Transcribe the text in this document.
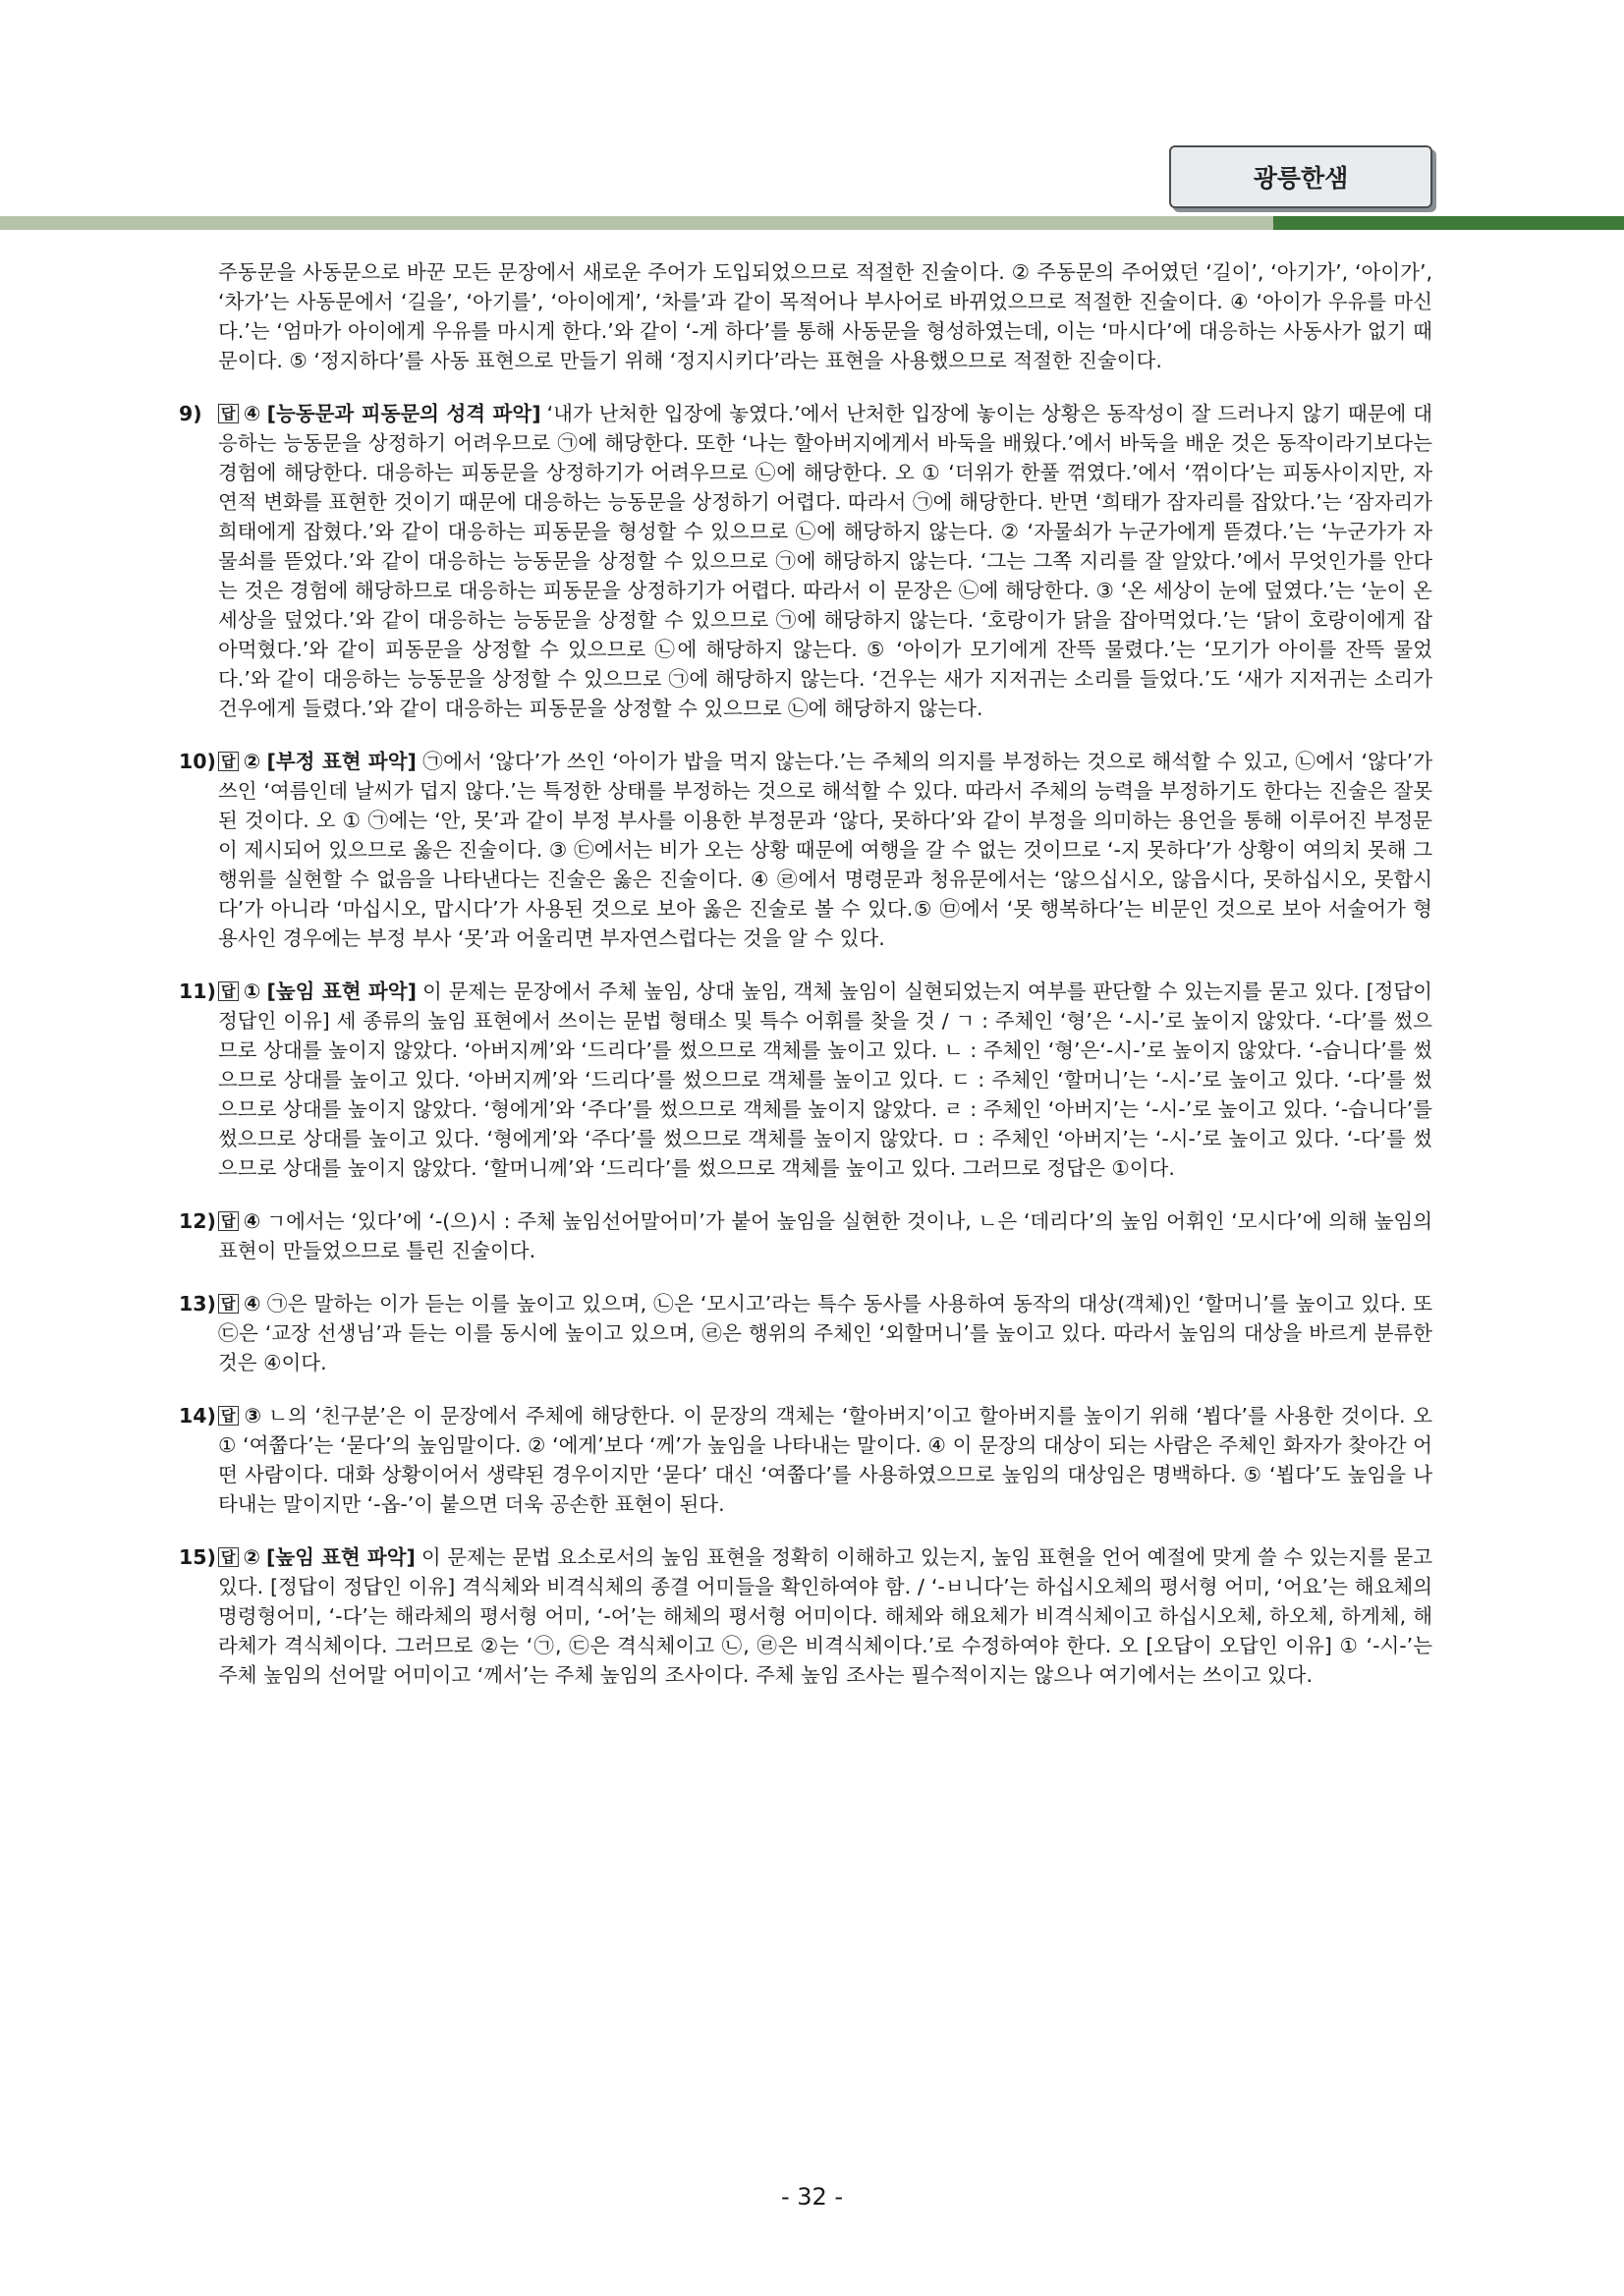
광릉한샘
주동문을 사동문으로 바꾼 모든 문장에서 새로운 주어가 도입되었으므로 적절한 진술이다. ② 주동문의 주어였던 ‘길이’, ‘아기가’, ‘아이가’, ‘차가’는 사동문에서 ‘길을’, ‘아기를’, ‘아이에게’, ‘차를’과 같이 목적어나 부사어로 바뀌었으므로 적절한 진술이다. ④ ‘아이가 우유를 마신다.’는 ‘엄마가 아이에게 우유를 마시게 한다.’와 같이 ‘-게 하다’를 통해 사동문을 형성하였는데, 이는 ‘마시다’에 대응하는 사동사가 없기 때문이다. ⑤ ‘정지하다’를 사동 표현으로 만들기 위해 ‘정지시키다’라는 표현을 사용했으므로 적절한 진술이다.
9) 답 ④ [능동문과 피동문의 성격 파악] ‘내가 난처한 입장에 놓였다.’에서 난처한 입장에 놓이는 상황은 동작성이 잘 드러나지 않기 때문에 대응하는 능동문을 상정하기 어려우므로 ㉠에 해당한다. 또한 ‘나는 할아버지에게서 바둑을 배웠다.’에서 바둑을 배운 것은 동작이라기보다는 경험에 해당한다. 대응하는 피동문을 상정하기가 어려우므로 ㉡에 해당한다. 오 ① ‘더위가 한풀 꺾였다.’에서 ‘꺾이다’는 피동사이지만, 자연적 변화를 표현한 것이기 때문에 대응하는 능동문을 상정하기 어렵다. 따라서 ㉠에 해당한다. 반면 ‘희태가 잠자리를 잡았다.’는 ‘잠자리가 희태에게 잡혔다.’와 같이 대응하는 피동문을 형성할 수 있으므로 ㉡에 해당하지 않는다. ② ‘자물쇠가 누군가에게 뜯겼다.’는 ‘누군가가 자물쇠를 뜯었다.’와 같이 대응하는 능동문을 상정할 수 있으므로 ㉠에 해당하지 않는다. ‘그는 그쪽 지리를 잘 알았다.’에서 무엇인가를 안다는 것은 경험에 해당하므로 대응하는 피동문을 상정하기가 어렵다. 따라서 이 문장은 ㉡에 해당한다. ③ ‘온 세상이 눈에 덮였다.’는 ‘눈이 온 세상을 덮었다.’와 같이 대응하는 능동문을 상정할 수 있으므로 ㉠에 해당하지 않는다. ‘호랑이가 닭을 잡아먹었다.’는 ‘닭이 호랑이에게 잡아먹혔다.’와 같이 피동문을 상정할 수 있으므로 ㉡에 해당하지 않는다. ⑤ ‘아이가 모기에게 잔뜩 물렸다.’는 ‘모기가 아이를 잔뜩 물었다.’와 같이 대응하는 능동문을 상정할 수 있으므로 ㉠에 해당하지 않는다. ‘건우는 새가 지저귀는 소리를 들었다.’도 ‘새가 지저귀는 소리가 건우에게 들렸다.’와 같이 대응하는 피동문을 상정할 수 있으므로 ㉡에 해당하지 않는다.
10) 답 ② [부정 표현 파악] ㉠에서 ‘않다’가 쓰인 ‘아이가 밥을 먹지 않는다.’는 주체의 의지를 부정하는 것으로 해석할 수 있고, ㉡에서 ‘않다’가 쓰인 ‘여름인데 날씨가 덥지 않다.’는 특정한 상태를 부정하는 것으로 해석할 수 있다. 따라서 주체의 능력을 부정하기도 한다는 진술은 잘못된 것이다. 오 ① ㉠에는 ‘안, 못’과 같이 부정 부사를 이용한 부정문과 ‘않다, 못하다’와 같이 부정을 의미하는 용언을 통해 이루어진 부정문이 제시되어 있으므로 옳은 진술이다. ③ ㉢에서는 비가 오는 상황 때문에 여행을 갈 수 없는 것이므로 ‘-지 못하다’가 상황이 여의치 못해 그 행위를 실현할 수 없음을 나타낸다는 진술은 옳은 진술이다. ④ ㉣에서 명령문과 청유문에서는 ‘않으십시오, 않읍시다, 못하십시오, 못합시다’가 아니라 ‘마십시오, 맙시다’가 사용된 것으로 보아 옳은 진술로 볼 수 있다.⑤ ㉤에서 ‘못 행복하다’는 비문인 것으로 보아 서술어가 형용사인 경우에는 부정 부사 ‘못’과 어울리면 부자연스럽다는 것을 알 수 있다.
11) 답 ① [높임 표현 파악] 이 문제는 문장에서 주체 높임, 상대 높임, 객체 높임이 실현되었는지 여부를 판단할 수 있는지를 묻고 있다. [정답이 정답인 이유] 세 종류의 높임 표현에서 쓰이는 문법 형태소 및 특수 어휘를 찾을 것 / ㄱ : 주체인 ‘형’은 ‘-시-’로 높이지 않았다. ‘-다’를 썼으므로 상대를 높이지 않았다. ‘아버지께’와 ‘드리다’를 썼으므로 객체를 높이고 있다. ㄴ : 주체인 ‘형’은‘-시-’로 높이지 않았다. ‘-습니다’를 썼으므로 상대를 높이고 있다. ‘아버지께’와 ‘드리다’를 썼으므로 객체를 높이고 있다. ㄷ : 주체인 ‘할머니’는 ‘-시-’로 높이고 있다. ‘-다’를 썼으므로 상대를 높이지 않았다. ‘형에게’와 ‘주다’를 썼으므로 객체를 높이지 않았다. ㄹ : 주체인 ‘아버지’는 ‘-시-’로 높이고 있다. ‘-습니다’를 썼으므로 상대를 높이고 있다. ‘형에게’와 ‘주다’를 썼으므로 객체를 높이지 않았다. ㅁ : 주체인 ‘아버지’는 ‘-시-’로 높이고 있다. ‘-다’를 썼으므로 상대를 높이지 않았다. ‘할머니께’와 ‘드리다’를 썼으므로 객체를 높이고 있다. 그러므로 정답은 ①이다.
12) 답 ④ ㄱ에서는 ‘있다’에 ‘-(으)시 : 주체 높임선어말어미’가 붙어 높임을 실현한 것이나, ㄴ은 ‘데리다’의 높임 어휘인 ‘모시다’에 의해 높임의 표현이 만들었으므로 틀린 진술이다.
13) 답 ④ ㉠은 말하는 이가 듣는 이를 높이고 있으며, ㉡은 ‘모시고’라는 특수 동사를 사용하여 동작의 대상(객체)인 ‘할머니’를 높이고 있다. 또 ㉢은 ‘교장 선생님’과 듣는 이를 동시에 높이고 있으며, ㉣은 행위의 주체인 ‘외할머니’를 높이고 있다. 따라서 높임의 대상을 바르게 분류한 것은 ④이다.
14) 답 ③ ㄴ의 ‘친구분’은 이 문장에서 주체에 해당한다. 이 문장의 객체는 ‘할아버지’이고 할아버지를 높이기 위해 ‘뵙다’를 사용한 것이다. 오 ① ‘여쭙다’는 ‘묻다’의 높임말이다. ② ‘에게’보다 ‘께’가 높임을 나타내는 말이다. ④ 이 문장의 대상이 되는 사람은 주체인 화자가 찾아간 어떤 사람이다. 대화 상황이어서 생략된 경우이지만 ‘묻다’ 대신 ‘여쭙다’를 사용하였으므로 높임의 대상임은 명백하다. ⑤ ‘뵙다’도 높임을 나타내는 말이지만 ‘-옵-’이 붙으면 더욱 공손한 표현이 된다.
15) 답 ② [높임 표현 파악] 이 문제는 문법 요소로서의 높임 표현을 정확히 이해하고 있는지, 높임 표현을 언어 예절에 맞게 쓸 수 있는지를 묻고 있다. [정답이 정답인 이유] 격식체와 비격식체의 종결 어미들을 확인하여야 함. / ‘-ㅂ니다’는 하십시오체의 평서형 어미, ‘어요’는 해요체의 명령형어미, ‘-다’는 해라체의 평서형 어미, ‘-어’는 해체의 평서형 어미이다. 해체와 해요체가 비격식체이고 하십시오체, 하오체, 하게체, 해라체가 격식체이다. 그러므로 ②는 ‘㉠, ㉢은 격식체이고 ㉡, ㉣은 비격식체이다.’로 수정하여야 한다. 오 [오답이 오답인 이유] ① ‘-시-’는 주체 높임의 선어말 어미이고 ‘께서’는 주체 높임의 조사이다. 주체 높임 조사는 필수적이지는 않으나 여기에서는 쓰이고 있다.
- 32 -
